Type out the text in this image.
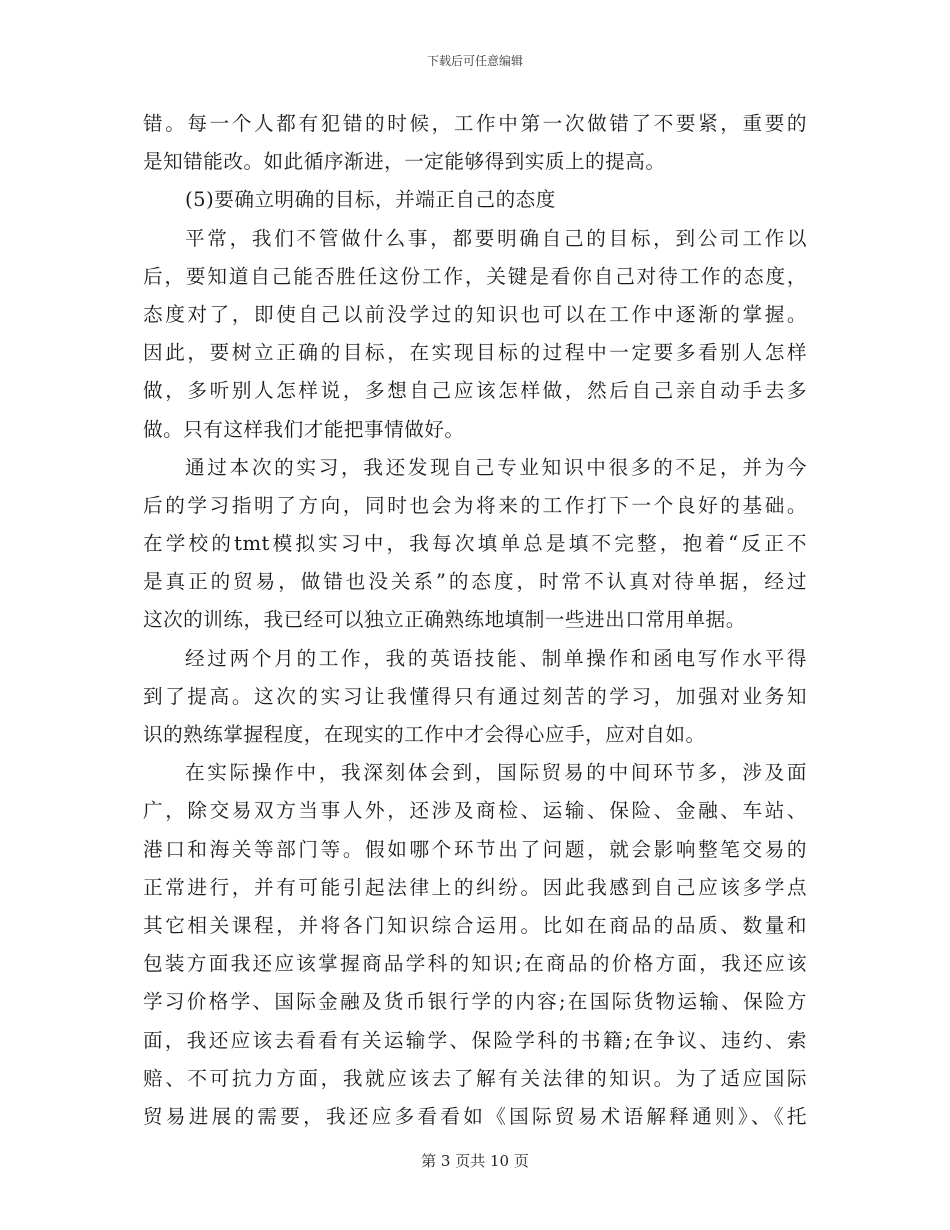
下载后可任意编辑
错。每一个人都有犯错的时候，工作中第一次做错了不要紧，重要的
是知错能改。如此循序渐进，一定能够得到实质上的提高。
(5)要确立明确的目标，并端正自己的态度
平常，我们不管做什么事，都要明确自己的目标，到公司工作以
后，要知道自己能否胜任这份工作，关键是看你自己对待工作的态度，
态度对了，即使自己以前没学过的知识也可以在工作中逐渐的掌握。
因此，要树立正确的目标，在实现目标的过程中一定要多看别人怎样
做，多听别人怎样说，多想自己应该怎样做，然后自己亲自动手去多
做。只有这样我们才能把事情做好。
通过本次的实习，我还发现自己专业知识中很多的不足，并为今
后的学习指明了方向，同时也会为将来的工作打下一个良好的基础。
在学校的tmt模拟实习中，我每次填单总是填不完整，抱着“反正不
是真正的贸易，做错也没关系”的态度，时常不认真对待单据，经过
这次的训练，我已经可以独立正确熟练地填制一些进出口常用单据。
经过两个月的工作，我的英语技能、制单操作和函电写作水平得
到了提高。这次的实习让我懂得只有通过刻苦的学习，加强对业务知
识的熟练掌握程度，在现实的工作中才会得心应手，应对自如。
在实际操作中，我深刻体会到，国际贸易的中间环节多，涉及面
广，除交易双方当事人外，还涉及商检、运输、保险、金融、车站、
港口和海关等部门等。假如哪个环节出了问题，就会影响整笔交易的
正常进行，并有可能引起法律上的纠纷。因此我感到自己应该多学点
其它相关课程，并将各门知识综合运用。比如在商品的品质、数量和
包装方面我还应该掌握商品学科的知识;在商品的价格方面，我还应该
学习价格学、国际金融及货币银行学的内容;在国际货物运输、保险方
面，我还应该去看看有关运输学、保险学科的书籍;在争议、违约、索
赔、不可抗力方面，我就应该去了解有关法律的知识。为了适应国际
贸易进展的需要，我还应多看看如《国际贸易术语解释通则》、《托
第 3 页共 10 页
